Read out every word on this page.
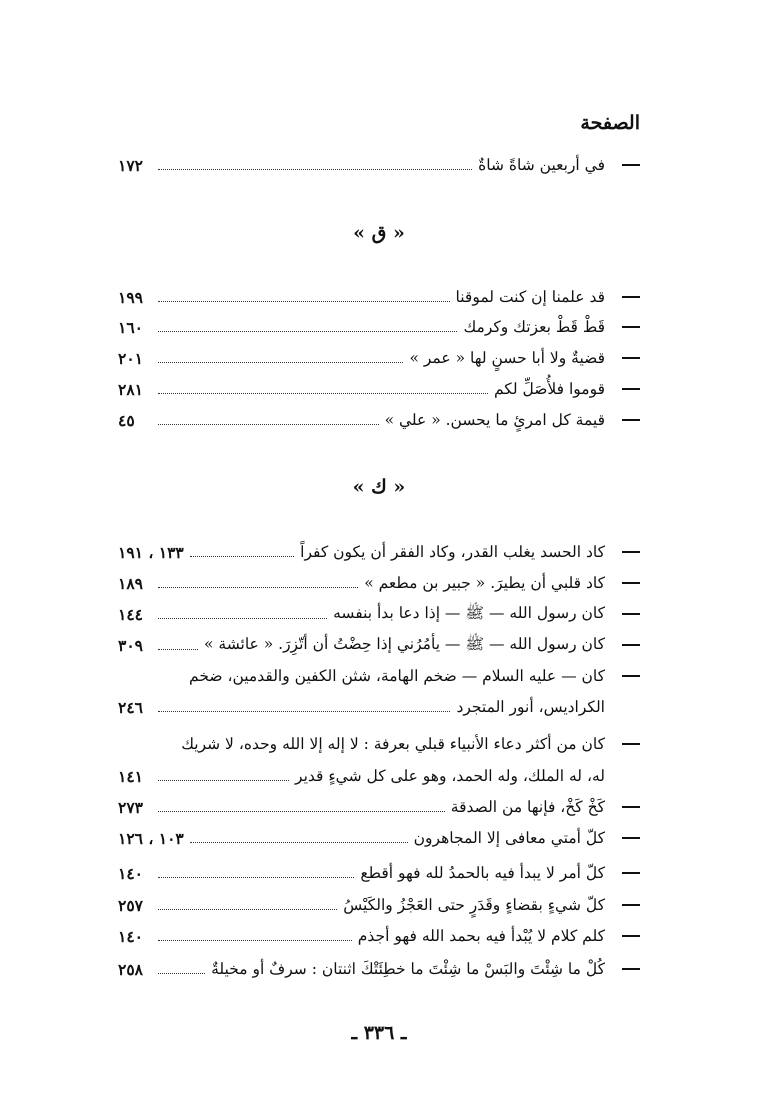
الصفحة
في أربعين شاةً شاةٌ
١٧٢
« ق »
قد علمنا إن كنت لموقنا
١٩٩
قَطْ قَطْ بعزتك وكرمك
١٦٠
قضيةٌ ولا أبا حسنٍ لها « عمر »
٢٠١
قوموا فلأُصَلِّ لكم
٢٨١
قيمة كل امرئٍ ما يحسن. « علي »
٤٥
« ك »
كاد الحسد يغلب القدر، وكاد الفقر أن يكون كفراً
١٣٣ ، ١٩١
كاد قلبي أن يطيرَ. « جبير بن مطعم »
١٨٩
كان رسول الله — ﷺ — إذا دعا بدأ بنفسه
١٤٤
كان رسول الله — ﷺ — يأمُرُني إذا حِضْتُ أن أتّزِرَ. « عائشة »
٣٠٩
كان — عليه السلام — ضخم الهامة، شثن الكفين والقدمين، ضخم
الكراديس، أنور المتجرد
٢٤٦
كان من أكثر دعاء الأنبياء قبلي بعرفة : لا إله إلا الله وحده، لا شريك
له، له الملك، وله الحمد، وهو على كل شيءٍ قدير
١٤١
كَخْ كَخْ، فإنها من الصدقة
٢٧٣
كلّ أمتي معافى إلا المجاهرون
١٠٣ ، ١٢٦
كلّ أمر لا يبدأ فيه بالحمدُ لله فهو أقطع
١٤٠
كلّ شيءٍ بقضاءٍ وقَدَرٍ حتى العَجْزُ والكَيْسُ
٢٥٧
كلم كلام لا يُبْدأ فيه بحمد الله فهو أجذم
١٤٠
كُلْ ما شِئْتَ والبَسْ ما شِئْتَ ما خطِئَتْكَ اثنتان : سرفٌ أو مخيلةٌ
٢٥٨
ـ ٣٣٦ ـ
